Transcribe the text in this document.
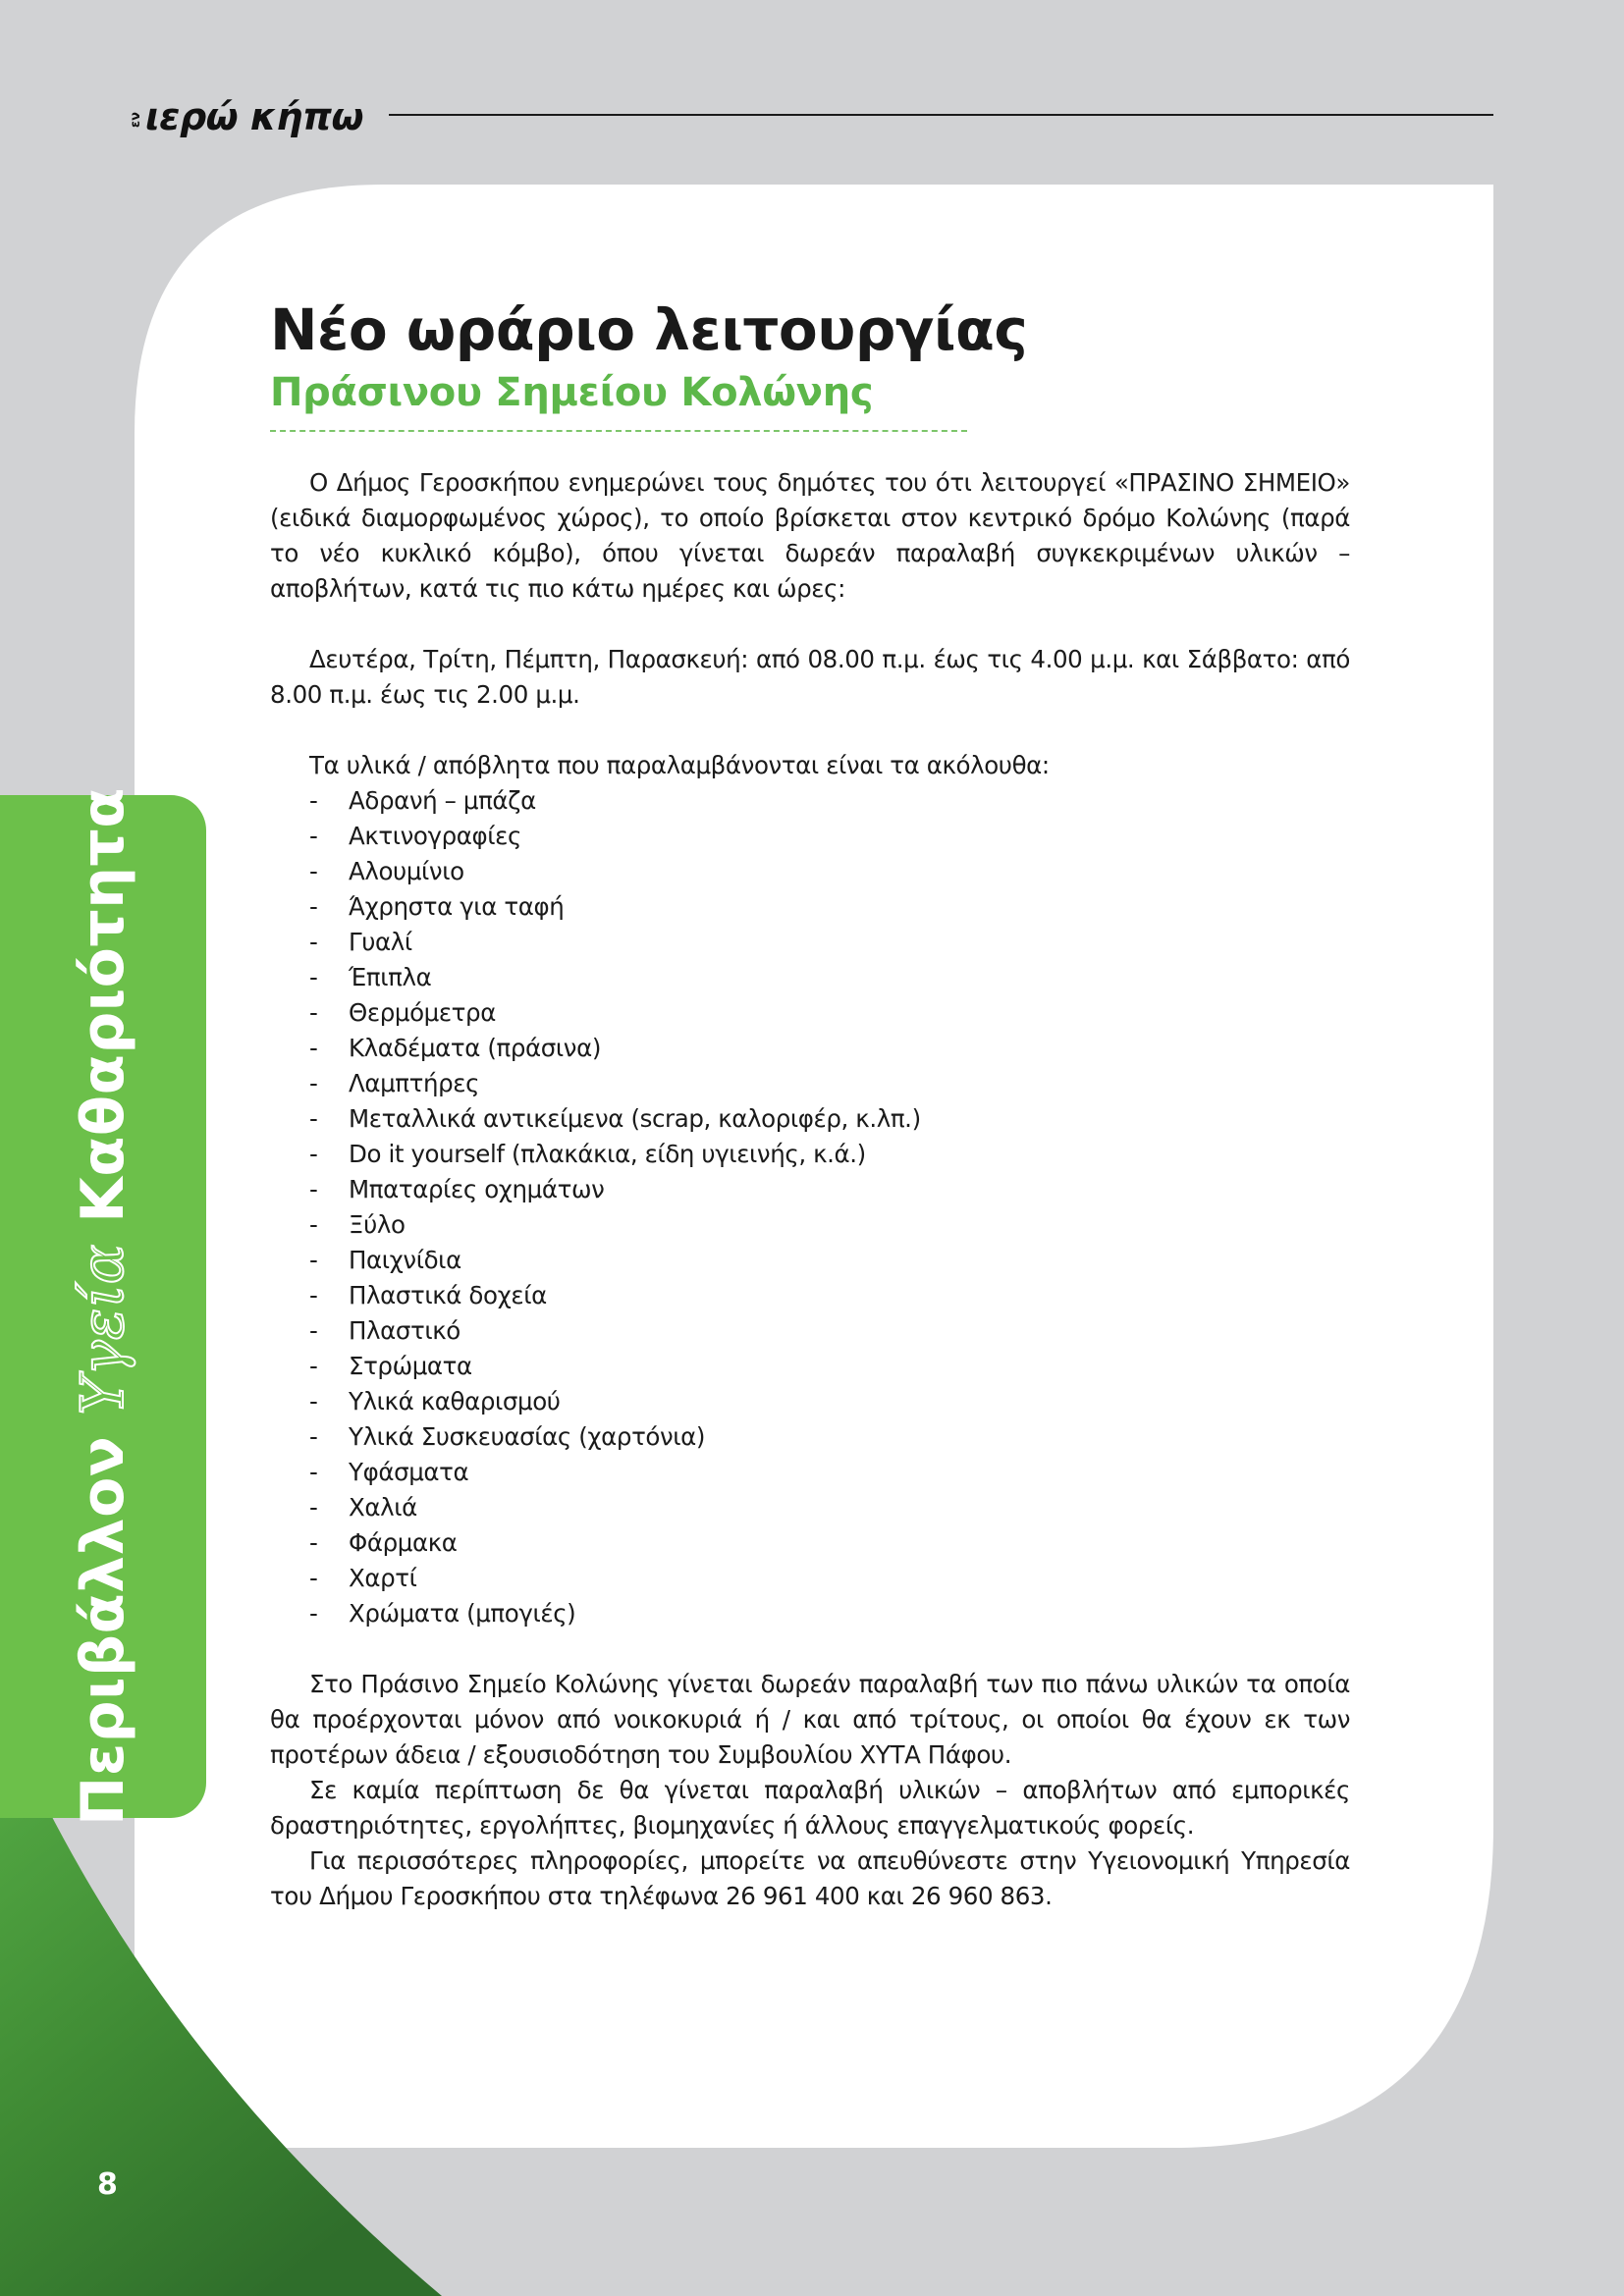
εν ιερώ κήπω
Περιβάλλον Υγεία Καθαριότητα
Νέο ωράριο λειτουργίας
Πράσινου Σημείου Κολώνης

Ο Δήμος Γεροσκήπου ενημερώνει τους δημότες του ότι λειτουργεί «ΠΡΑΣΙΝΟ ΣΗΜΕΙΟ» (ειδικά διαμορφωμένος χώρος), το οποίο βρίσκεται στον κεντρικό δρόμο Κολώνης (παρά το νέο κυκλικό κόμβο), όπου γίνεται δωρεάν παραλαβή συγκεκριμένων υλικών – αποβλήτων, κατά τις πιο κάτω ημέρες και ώρες:

Δευτέρα, Τρίτη, Πέμπτη, Παρασκευή: από 08.00 π.μ. έως τις 4.00 μ.μ. και Σάββατο: από 8.00 π.μ. έως τις 2.00 μ.μ.

Τα υλικά / απόβλητα που παραλαμβάνονται είναι τα ακόλουθα:

-	Αδρανή – μπάζα
-	Ακτινογραφίες
-	Αλουμίνιο
-	Άχρηστα για ταφή
-	Γυαλί
-	Έπιπλα
-	Θερμόμετρα
-	Κλαδέματα (πράσινα)
-	Λαμπτήρες
-	Μεταλλικά αντικείμενα (scrap, καλοριφέρ, κ.λπ.)
-	Do it yourself (πλακάκια, είδη υγιεινής, κ.ά.)
-	Μπαταρίες οχημάτων
-	Ξύλο
-	Παιχνίδια
-	Πλαστικά δοχεία
-	Πλαστικό
-	Στρώματα
-	Υλικά καθαρισμού
-	Υλικά Συσκευασίας (χαρτόνια)
-	Υφάσματα
-	Χαλιά
-	Φάρμακα
-	Χαρτί
-	Χρώματα (μπογιές)

Στο Πράσινο Σημείο Κολώνης γίνεται δωρεάν παραλαβή των πιο πάνω υλικών τα οποία θα προέρχονται μόνον από νοικοκυριά ή / και από τρίτους, οι οποίοι θα έχουν εκ των προτέρων άδεια / εξουσιοδότηση του Συμβουλίου ΧΥΤΑ Πάφου.

Σε καμία περίπτωση δε θα γίνεται παραλαβή υλικών – αποβλήτων από εμπορικές δραστηριότητες, εργολήπτες, βιομηχανίες ή άλλους επαγγελματικούς φορείς.

Για περισσότερες πληροφορίες, μπορείτε να απευθύνεστε στην Υγειονομική Υπηρεσία του Δήμου Γεροσκήπου στα τηλέφωνα 26 961 400 και 26 960 863.

8
